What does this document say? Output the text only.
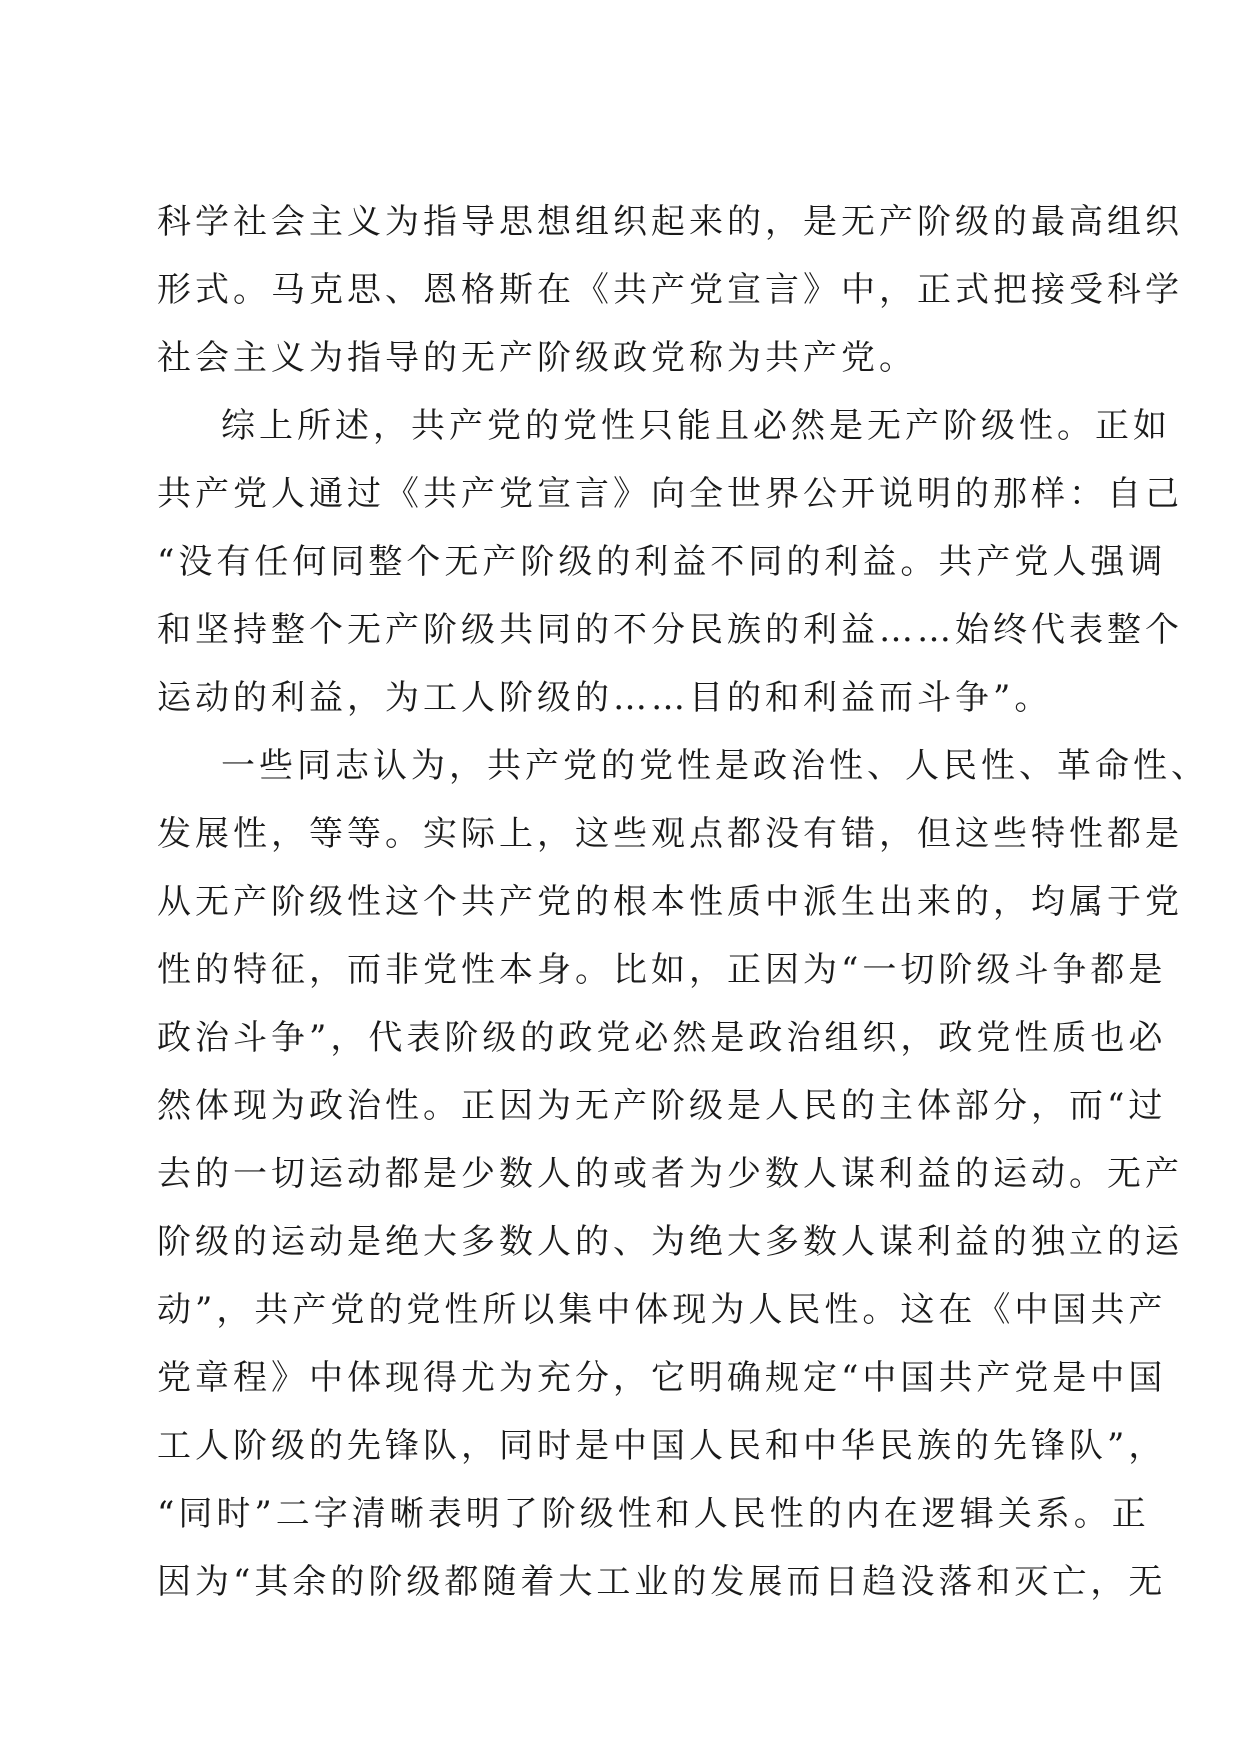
科学社会主义为指导思想组织起来的，是无产阶级的最高组织
形式。马克思、恩格斯在《共产党宣言》中，正式把接受科学
社会主义为指导的无产阶级政党称为共产党。
综上所述，共产党的党性只能且必然是无产阶级性。正如
共产党人通过《共产党宣言》向全世界公开说明的那样：自己
“没有任何同整个无产阶级的利益不同的利益。共产党人强调
和坚持整个无产阶级共同的不分民族的利益……始终代表整个
运动的利益，为工人阶级的……目的和利益而斗争”。
一些同志认为，共产党的党性是政治性、人民性、革命性、
发展性，等等。实际上，这些观点都没有错，但这些特性都是
从无产阶级性这个共产党的根本性质中派生出来的，均属于党
性的特征，而非党性本身。比如，正因为“一切阶级斗争都是
政治斗争”，代表阶级的政党必然是政治组织，政党性质也必
然体现为政治性。正因为无产阶级是人民的主体部分，而“过
去的一切运动都是少数人的或者为少数人谋利益的运动。无产
阶级的运动是绝大多数人的、为绝大多数人谋利益的独立的运
动”，共产党的党性所以集中体现为人民性。这在《中国共产
党章程》中体现得尤为充分，它明确规定“中国共产党是中国
工人阶级的先锋队，同时是中国人民和中华民族的先锋队”，
“同时”二字清晰表明了阶级性和人民性的内在逻辑关系。正
因为“其余的阶级都随着大工业的发展而日趋没落和灭亡，无
